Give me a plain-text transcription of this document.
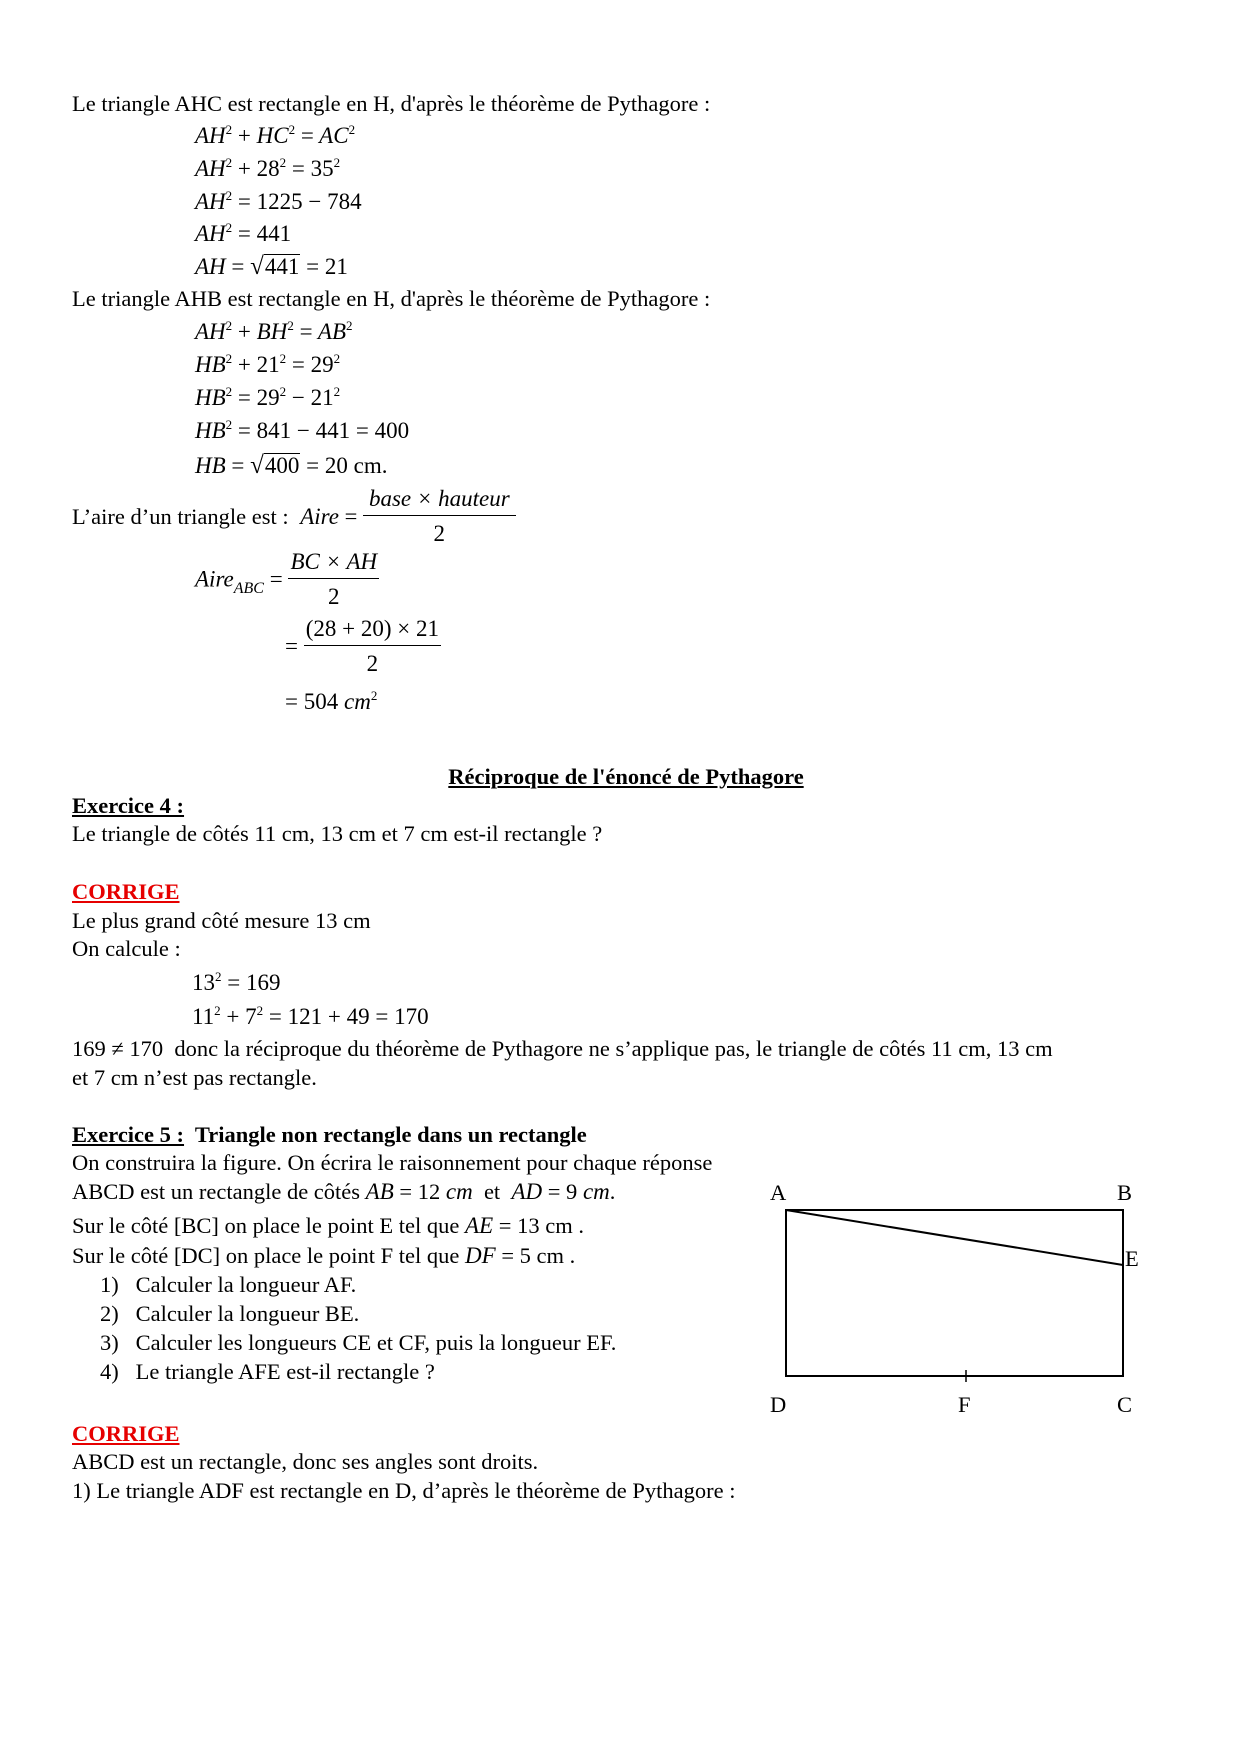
Le triangle AHC est rectangle en H, d'après le théorème de Pythagore :
$AH^2 + HC^2 = AC^2$
$AH^2 + 28^2 = 35^2$
$AH^2 = 1225 - 784$
$AH^2 = 441$
AH = √441 = 21
Le triangle AHB est rectangle en H, d'après le théorème de Pythagore :
$AH^2 + BH^2 = AB^2$
$HB^2 + 21^2 = 29^2$
$HB^2 = 29^2 - 21^2$
$HB^2 = 841 - 441 = 400$
HB = √400 = 20 cm.
L’aire d’un triangle est : Aire = $\frac{\text{base × hauteur}}{2}$
Aire$_{ABC}$ = $\frac{BC \times AH}{2}$
= $\frac{(28 + 20) \times 21}{2}$
= 504 $cm^2$
Réciproque de l'énoncé de Pythagore
Exercice 4 :
Le triangle de côtés 11 cm, 13 cm et 7 cm est-il rectangle ?
CORRIGE
Le plus grand côté mesure 13 cm
On calcule :
$13^2 = 169$
$11^2 + 7^2 = 121 + 49 = 170$
169 ≠ 170 donc la réciproque du théorème de Pythagore ne s’applique pas, le triangle de côtés 11 cm, 13 cm
et 7 cm n’est pas rectangle.
Exercice 5 : Triangle non rectangle dans un rectangle
On construira la figure. On écrira le raisonnement pour chaque réponse
ABCD est un rectangle de côtés AB = 12 cm et AD = 9 cm.
Sur le côté [BC] on place le point E tel que AE = 13 cm .
Sur le côté [DC] on place le point F tel que DF = 5 cm .
1) Calculer la longueur AF.
2) Calculer la longueur BE.
3) Calculer les longueurs CE et CF, puis la longueur EF.
4) Le triangle AFE est-il rectangle ?
A	B
E
D	F	C
CORRIGE
ABCD est un rectangle, donc ses angles sont droits.
1) Le triangle ADF est rectangle en D, d’après le théorème de Pythagore :
